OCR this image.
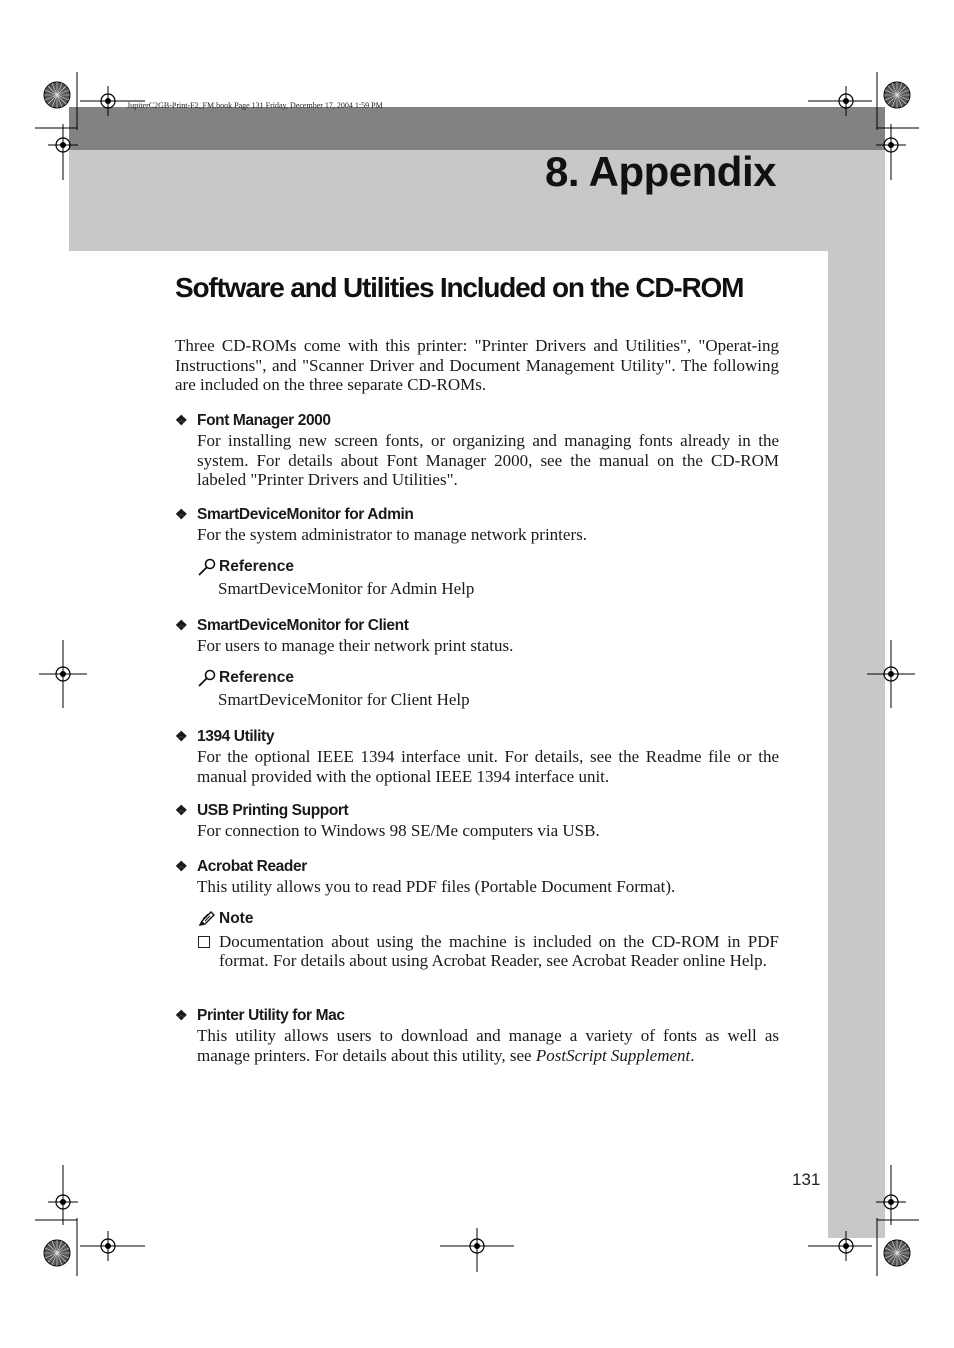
JupiterC2GB-Print-F2_FM.book Page 131 Friday, December 17, 2004 1:59 PM
8. Appendix
Software and Utilities Included on the CD-ROM

Three CD-ROMs come with this printer: "Printer Drivers and Utilities", "Operat-ing Instructions", and "Scanner Driver and Document Management Utility". The following are included on the three separate CD-ROMs.

❖ Font Manager 2000

For installing new screen fonts, or organizing and managing fonts already in the system. For details about Font Manager 2000, see the manual on the CD-ROM labeled "Printer Drivers and Utilities".

❖ SmartDeviceMonitor for Admin

For the system administrator to manage network printers.

Reference
SmartDeviceMonitor for Admin Help
❖ SmartDeviceMonitor for Client

For users to manage their network print status.

Reference
SmartDeviceMonitor for Client Help
❖ 1394 Utility

For the optional IEEE 1394 interface unit. For details, see the Readme file or the manual provided with the optional IEEE 1394 interface unit.

❖ USB Printing Support

For connection to Windows 98 SE/Me computers via USB.

❖ Acrobat Reader

This utility allows you to read PDF files (Portable Document Format).

Note
Documentation about using the machine is included on the CD-ROM in PDF format. For details about using Acrobat Reader, see Acrobat Reader online Help.
❖ Printer Utility for Mac

This utility allows users to download and manage a variety of fonts as well as manage printers. For details about this utility, see PostScript Supplement.

131
